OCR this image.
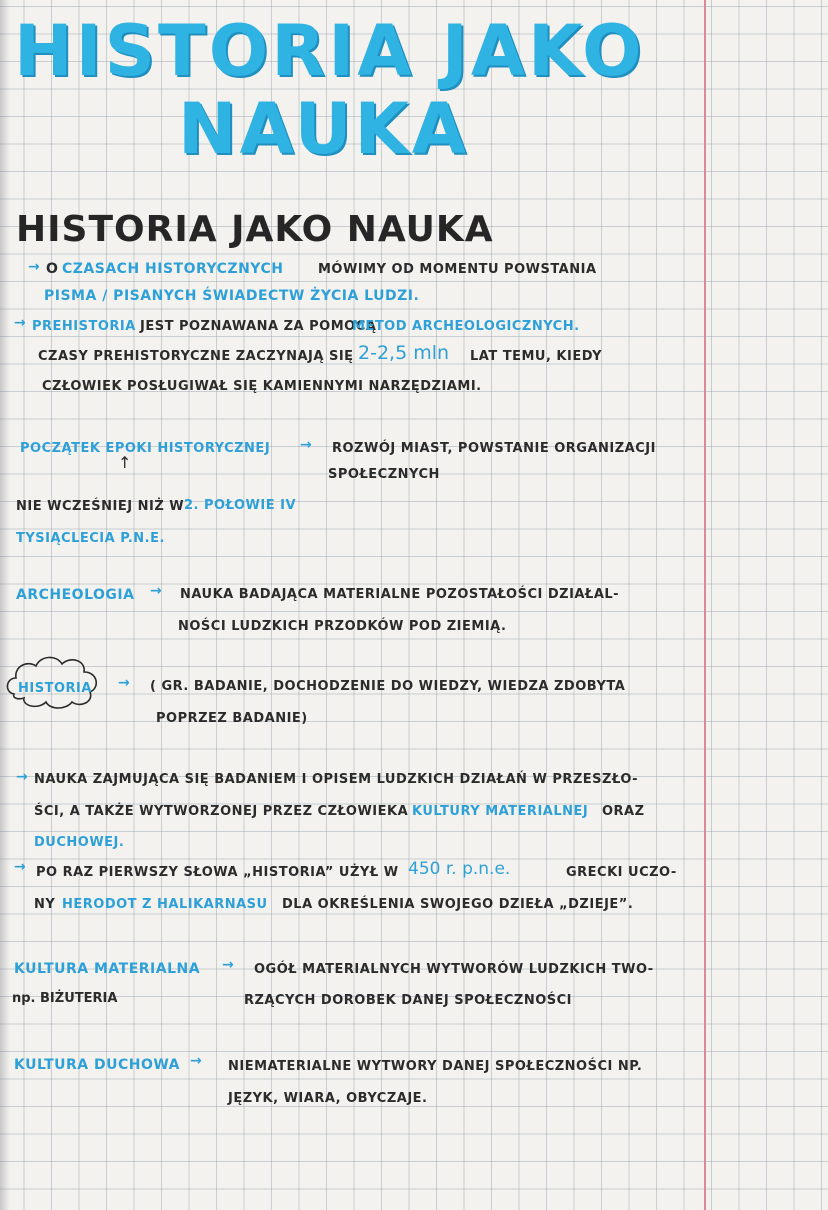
HISTORIA JAKO
NAUKA
HISTORIA JAKO NAUKA
→ O CZASACH HISTORYCZNYCH	MÓWIMY OD MOMENTU POWSTANIA
PISMA / PISANYCH ŚWIADECTW ŻYCIA LUDZI.
→ PREHISTORIA JEST POZNAWANA ZA POMOCĄ
METOD ARCHEOLOGICZNYCH.
CZASY PREHISTORYCZNE ZACZYNAJĄ SIĘ 2-2,5 mln LAT TEMU, KIEDY
CZŁOWIEK POSŁUGIWAŁ SIĘ KAMIENNYMI NARZĘDZIAMI.
POCZĄTEK EPOKI HISTORYCZNEJ → ROZWÓJ MIAST, POWSTANIE ORGANIZACJI
SPOŁECZNYCH
↑
NIE WCZEŚNIEJ NIŻ W 2. POŁOWIE IV
TYSIĄCLECIA P.N.E.
ARCHEOLOGIA → NAUKA BADAJĄCA MATERIALNE POZOSTAŁOŚCI DZIAŁAL-
NOŚCI LUDZKICH PRZODKÓW POD ZIEMIĄ.
HISTORIA → ( GR. BADANIE, DOCHODZENIE DO WIEDZY, WIEDZA ZDOBYTA
POPRZEZ BADANIE)
→ NAUKA ZAJMUJĄCA SIĘ BADANIEM I OPISEM LUDZKICH DZIAŁAŃ W PRZESZŁO-
ŚCI, A TAKŻE WYTWORZONEJ PRZEZ CZŁOWIEKA KULTURY MATERIALNEJ ORAZ
DUCHOWEJ.
→ PO RAZ PIERWSZY SŁOWA „HISTORIA” UŻYŁ W 450 r. p.n.e.	GRECKI UCZO-
NY HERODOT Z HALIKARNASU DLA OKREŚLENIA SWOJEGO DZIEŁA „DZIEJE”.
KULTURA MATERIALNA → OGÓŁ MATERIALNYCH WYTWORÓW LUDZKICH TWO-
RZĄCYCH DOROBEK DANEJ SPOŁECZNOŚCI
np. BIŻUTERIA
KULTURA DUCHOWA → NIEMATERIALNE WYTWORY DANEJ SPOŁECZNOŚCI NP.
JĘZYK, WIARA, OBYCZAJE.
